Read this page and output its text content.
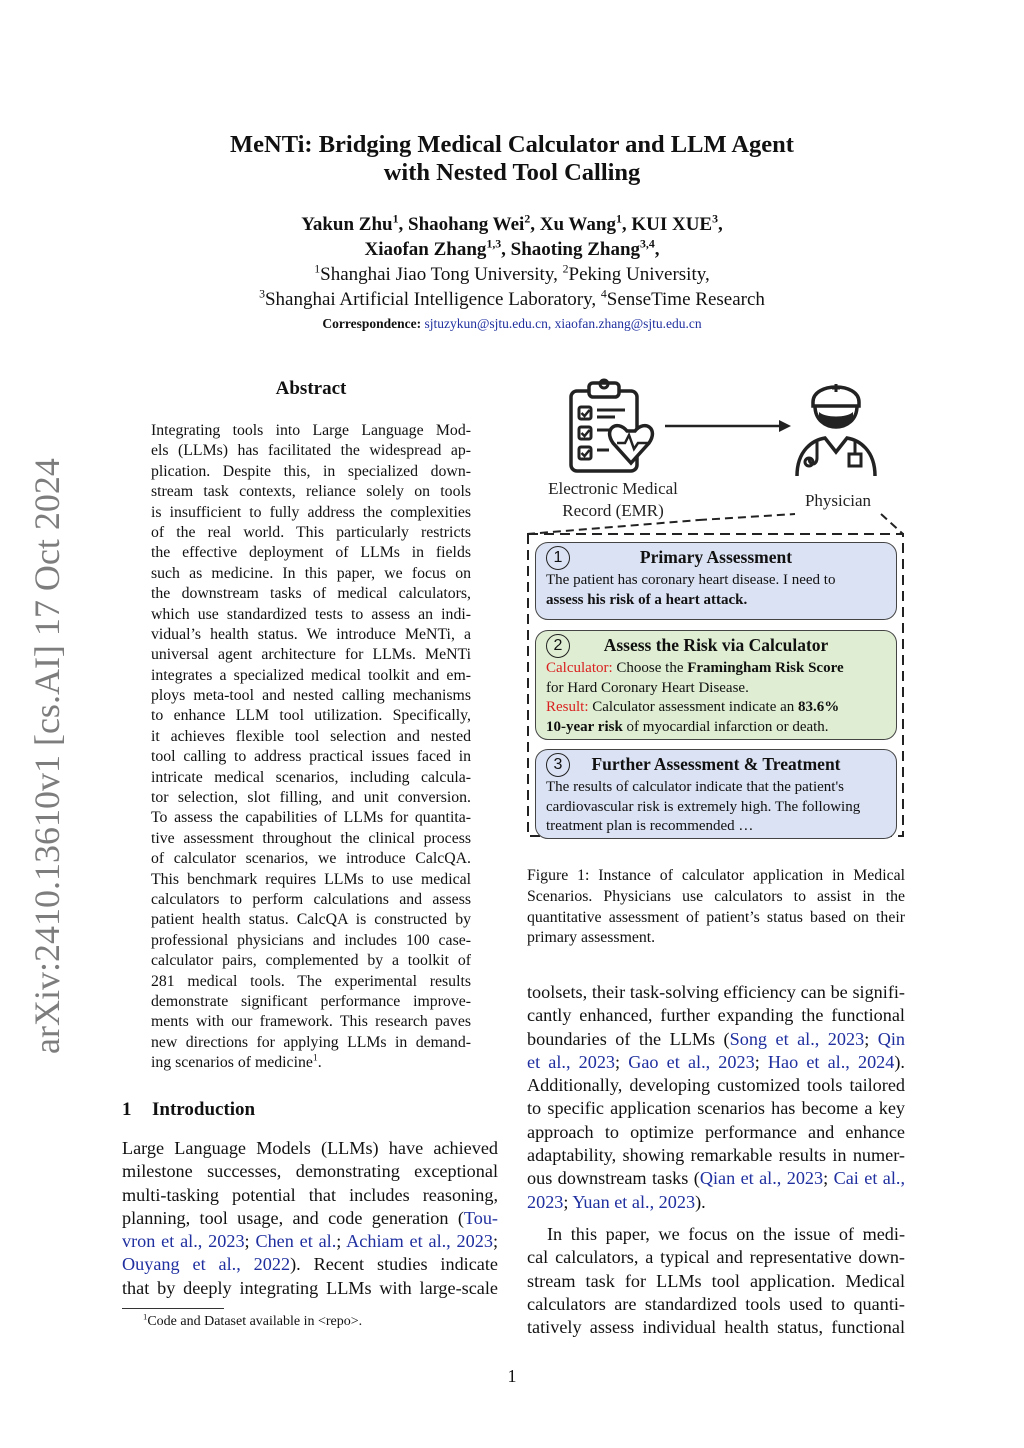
arXiv:2410.13610v1 [cs.AI] 17 Oct 2024
MeNTi: Bridging Medical Calculator and LLM Agent
with Nested Tool Calling
Yakun Zhu$^1$, Shaohang Wei$^2$, Xu Wang$^1$, KUI XUE$^3$,
Xiaofan Zhang$^{1,3}$, Shaoting Zhang$^{3,4}$,
$^1$Shanghai Jiao Tong University, $^2$Peking University,
$^3$Shanghai Artificial Intelligence Laboratory, $^4$SenseTime Research
Correspondence: sjtuzykun@sjtu.edu.cn, xiaofan.zhang@sjtu.edu.cn
Abstract
Integrating tools into Large Language Mod-
els (LLMs) has facilitated the widespread ap-
plication. Despite this, in specialized down-
stream task contexts, reliance solely on tools
is insufficient to fully address the complexities
of the real world. This particularly restricts
the effective deployment of LLMs in fields
such as medicine. In this paper, we focus on
the downstream tasks of medical calculators,
which use standardized tests to assess an indi-
vidual’s health status. We introduce MeNTi, a
universal agent architecture for LLMs. MeNTi
integrates a specialized medical toolkit and em-
ploys meta-tool and nested calling mechanisms
to enhance LLM tool utilization. Specifically,
it achieves flexible tool selection and nested
tool calling to address practical issues faced in
intricate medical scenarios, including calcula-
tor selection, slot filling, and unit conversion.
To assess the capabilities of LLMs for quantita-
tive assessment throughout the clinical process
of calculator scenarios, we introduce CalcQA.
This benchmark requires LLMs to use medical
calculators to perform calculations and assess
patient health status. CalcQA is constructed by
professional physicians and includes 100 case-
calculator pairs, complemented by a toolkit of
281 medical tools. The experimental results
demonstrate significant performance improve-
ments with our framework. This research paves
new directions for applying LLMs in demand-
ing scenarios of medicine$^1$.
1 Introduction
Large Language Models (LLMs) have achieved
milestone successes, demonstrating exceptional
multi-tasking potential that includes reasoning,
planning, tool usage, and code generation (Tou-
vron et al., 2023; Chen et al.; Achiam et al., 2023;
Ouyang et al., 2022). Recent studies indicate
that by deeply integrating LLMs with large-scale
$^1$Code and Dataset available in <repo>.
toolsets, their task-solving efficiency can be signifi-
cantly enhanced, further expanding the functional
boundaries of the LLMs (Song et al., 2023; Qin
et al., 2023; Gao et al., 2023; Hao et al., 2024).
Additionally, developing customized tools tailored
to specific application scenarios has become a key
approach to optimize performance and enhance
adaptability, showing remarkable results in numer-
ous downstream tasks (Qian et al., 2023; Cai et al.,
2023; Yuan et al., 2023).
In this paper, we focus on the issue of medi-
cal calculators, a typical and representative down-
stream task for LLMs tool application. Medical
calculators are standardized tools used to quanti-
tatively assess individual health status, functional
1
Electronic Medical
Record (EMR)
Physician
1	Primary Assessment
The patient has coronary heart disease. I need to
assess his risk of a heart attack.
2	Assess the Risk via Calculator
Calculator: Choose the Framingham Risk Score
for Hard Coronary Heart Disease.
Result: Calculator assessment indicate an 83.6%
10-year risk of myocardial infarction or death.
3	Further Assessment & Treatment
The results of calculator indicate that the patient's
cardiovascular risk is extremely high. The following
treatment plan is recommended …
Figure 1: Instance of calculator application in Medical
Scenarios. Physicians use calculators to assist in the
quantitative assessment of patient’s status based on their
primary assessment.
